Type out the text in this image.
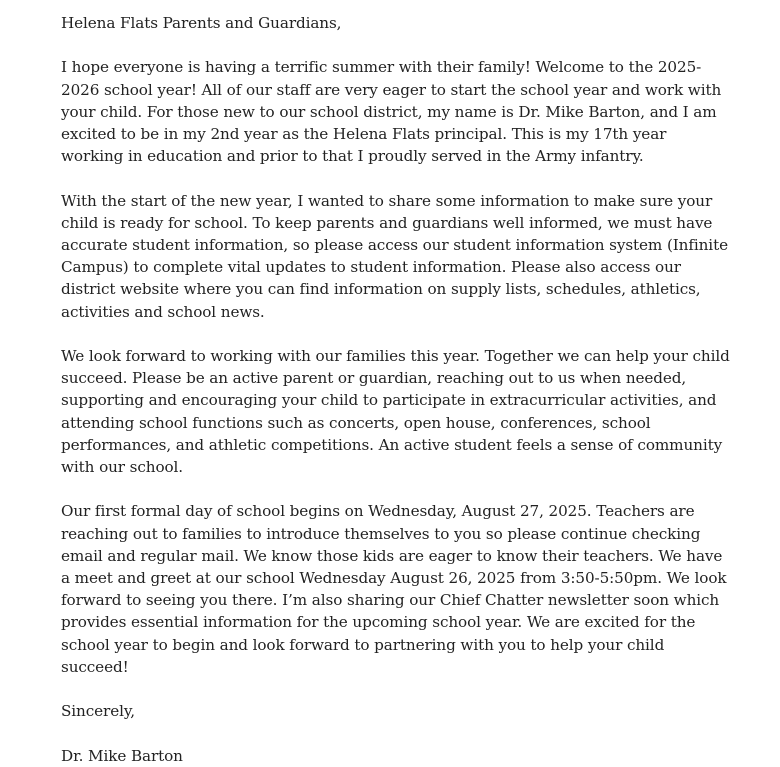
Helena Flats Parents and Guardians,

I hope everyone is having a terrific summer with their family! Welcome to the 2025-2026 school year! All of our staff are very eager to start the school year and work with your child. For those new to our school district, my name is Dr. Mike Barton, and I am excited to be in my 2nd year as the Helena Flats principal. This is my 17th year working in education and prior to that I proudly served in the Army infantry.

With the start of the new year, I wanted to share some information to make sure your child is ready for school. To keep parents and guardians well informed, we must have accurate student information, so please access our student information system (Infinite Campus) to complete vital updates to student information. Please also access our district website where you can find information on supply lists, schedules, athletics, activities and school news.

We look forward to working with our families this year. Together we can help your child succeed. Please be an active parent or guardian, reaching out to us when needed, supporting and encouraging your child to participate in extracurricular activities, and attending school functions such as concerts, open house, conferences, school performances, and athletic competitions. An active student feels a sense of community with our school.

Our first formal day of school begins on Wednesday, August 27, 2025. Teachers are reaching out to families to introduce themselves to you so please continue checking email and regular mail. We know those kids are eager to know their teachers. We have a meet and greet at our school Wednesday August 26, 2025 from 3:50-5:50pm. We look forward to seeing you there. I’m also sharing our Chief Chatter newsletter soon which provides essential information for the upcoming school year. We are excited for the school year to begin and look forward to partnering with you to help your child succeed!

Sincerely,

Dr. Mike Barton
